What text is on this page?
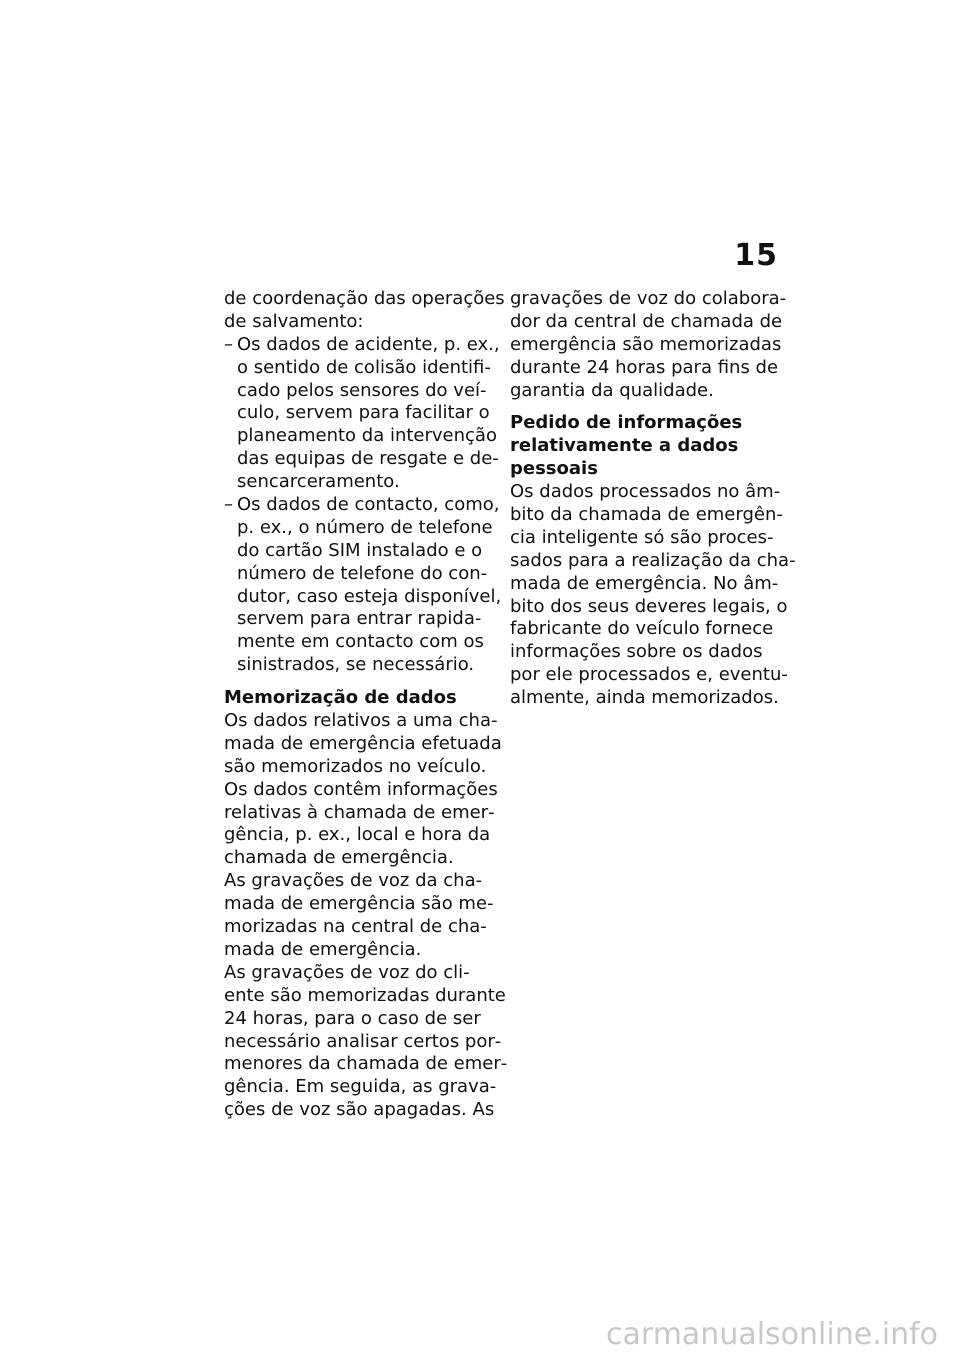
15
de coordenação das operações
de salvamento:
– Os dados de acidente, p. ex.,
o sentido de colisão identifi‐
cado pelos sensores do veí‐
culo, servem para facilitar o
planeamento da intervenção
das equipas de resgate e de‐
sencarceramento.
– Os dados de contacto, como,
p. ex., o número de telefone
do cartão SIM instalado e o
número de telefone do con‐
dutor, caso esteja disponível,
servem para entrar rapida‐
mente em contacto com os
sinistrados, se necessário.
Memorização de dados
Os dados relativos a uma cha‐
mada de emergência efetuada
são memorizados no veículo.
Os dados contêm informações
relativas à chamada de emer‐
gência, p. ex., local e hora da
chamada de emergência.
As gravações de voz da cha‐
mada de emergência são me‐
morizadas na central de cha‐
mada de emergência.
As gravações de voz do cli‐
ente são memorizadas durante
24 horas, para o caso de ser
necessário analisar certos por‐
menores da chamada de emer‐
gência. Em seguida, as grava‐
ções de voz são apagadas. As
gravações de voz do colabora‐
dor da central de chamada de
emergência são memorizadas
durante 24 horas para fins de
garantia da qualidade.
Pedido de informações
relativamente a dados
pessoais
Os dados processados no âm‐
bito da chamada de emergên‐
cia inteligente só são proces‐
sados para a realização da cha‐
mada de emergência. No âm‐
bito dos seus deveres legais, o
fabricante do veículo fornece
informações sobre os dados
por ele processados e, eventu‐
almente, ainda memorizados.
carmanualsonline.info
